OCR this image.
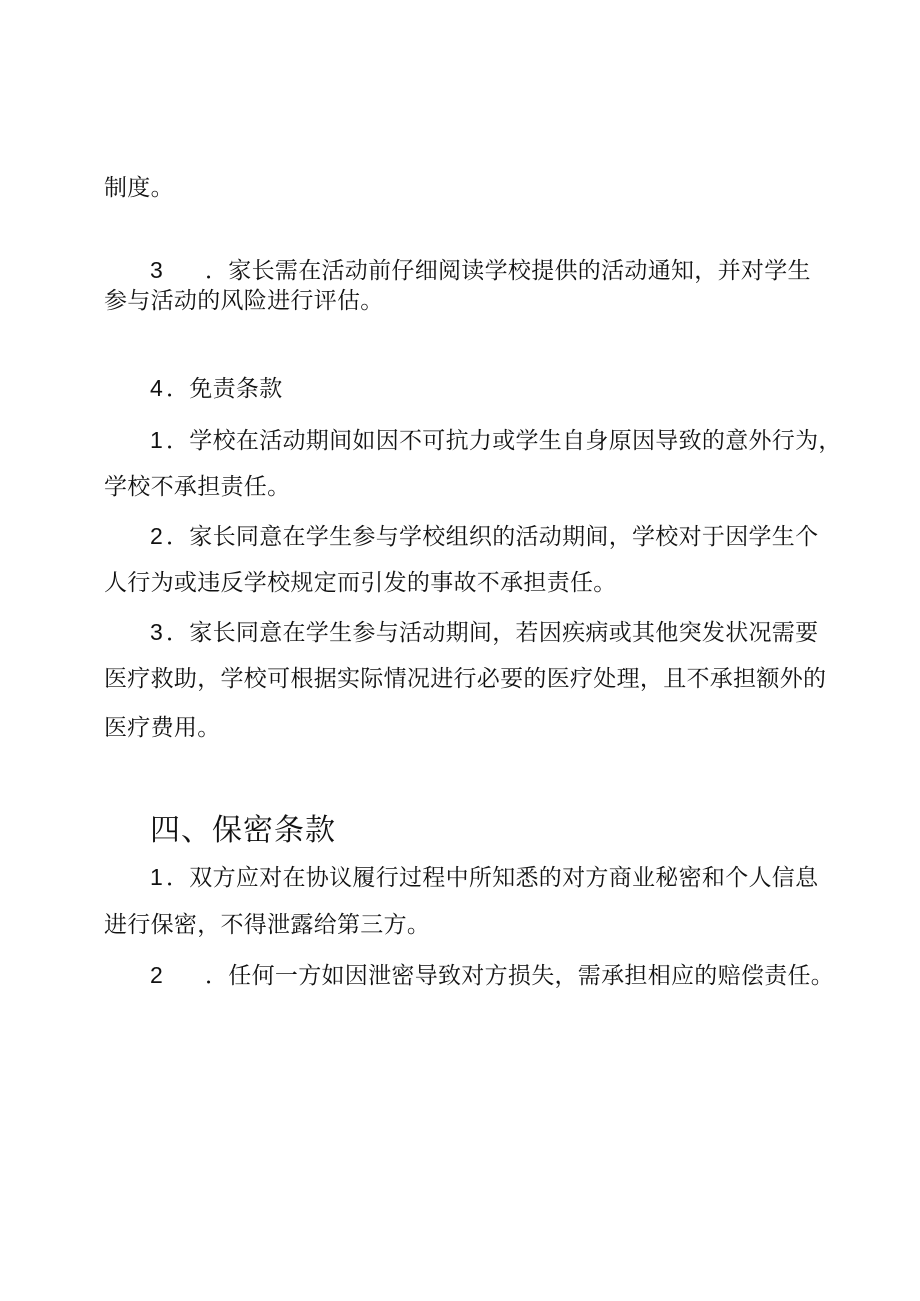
制度。

3 ．家长需在活动前仔细阅读学校提供的活动通知，并对学生

参与活动的风险进行评估。

4 ．免责条款

1 ．学校在活动期间如因不可抗力或学生自身原因导致的意外行为，

学校不承担责任。

2 ．家长同意在学生参与学校组织的活动期间，学校对于因学生个

人行为或违反学校规定而引发的事故不承担责任。

3 ．家长同意在学生参与活动期间，若因疾病或其他突发状况需要

医疗救助，学校可根据实际情况进行必要的医疗处理，且不承担额外的

医疗费用。

四、保密条款

1 ．双方应对在协议履行过程中所知悉的对方商业秘密和个人信息

进行保密，不得泄露给第三方。

2 ．任何一方如因泄密导致对方损失，需承担相应的赔偿责任。
